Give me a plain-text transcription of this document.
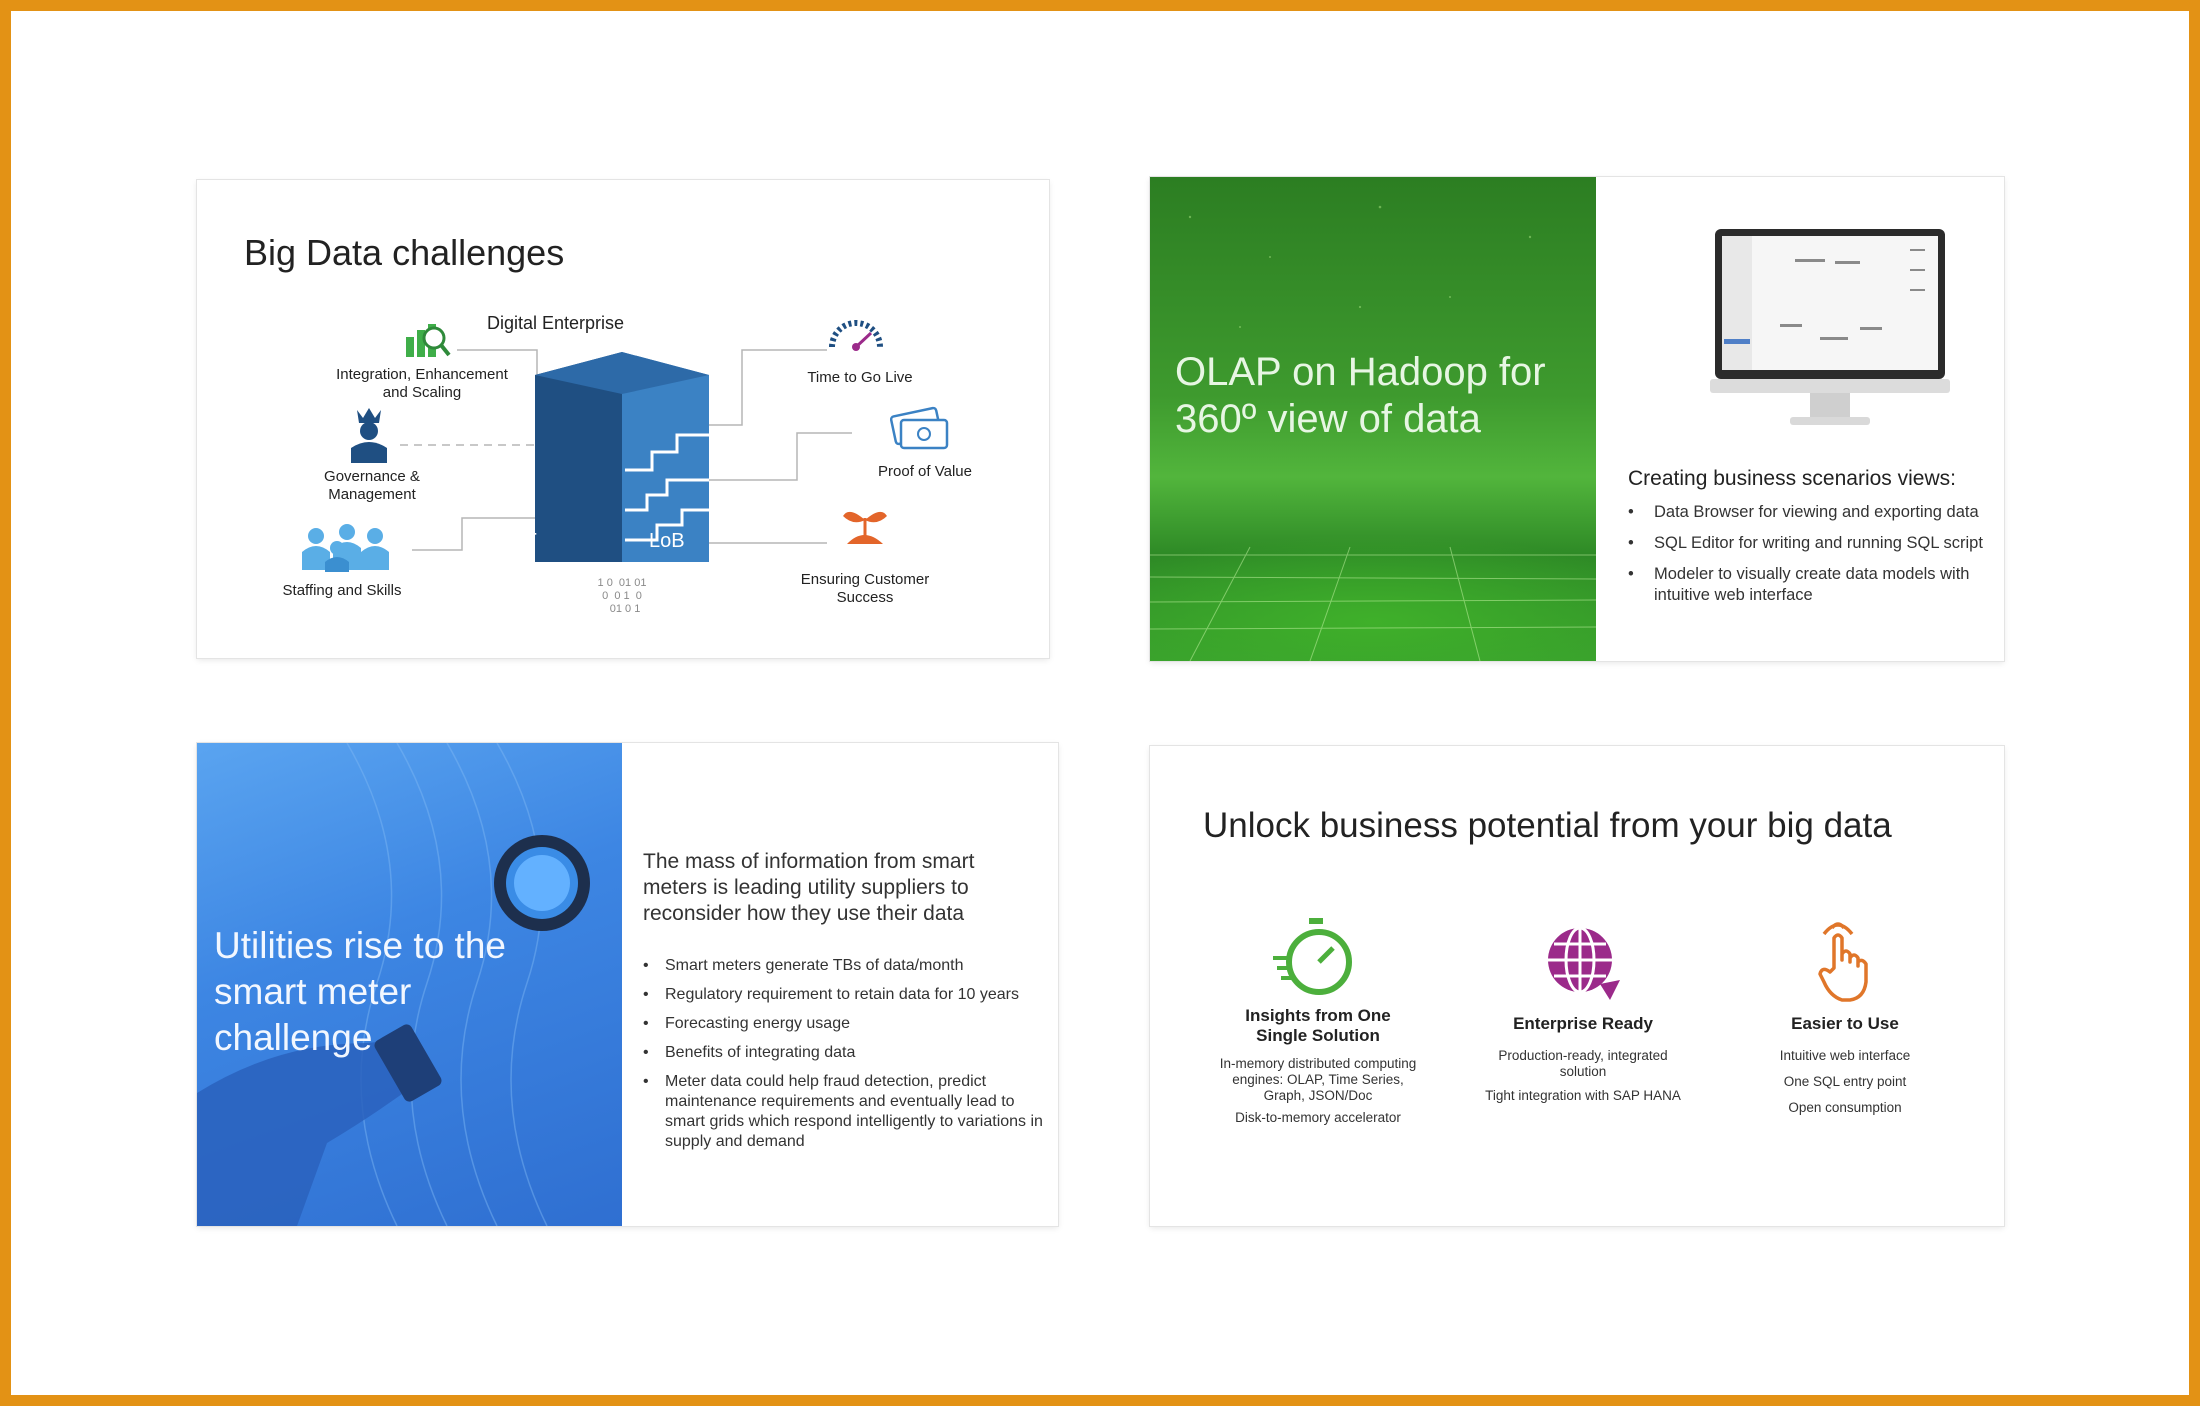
Big Data challenges
Digital Enterprise
IT	LoB
1 0  01 01
0  0 1  0
01 0 1
Integration, Enhancement and Scaling
Governance & Management
Staffing and Skills
Time to Go Live
Proof of Value
Ensuring Customer Success
OLAP on Hadoop for 360º view of data
Creating business scenarios views:
• Data Browser for viewing and exporting data
• SQL Editor for writing and running SQL script
• Modeler to visually create data models with intuitive web interface
Utilities rise to the smart meter challenge
The mass of information from smart meters is leading utility suppliers to reconsider how they use their data
• Smart meters generate TBs of data/month
• Regulatory requirement to retain data for 10 years
• Forecasting energy usage
• Benefits of integrating data
• Meter data could help fraud detection, predict maintenance requirements and eventually lead to smart grids which respond intelligently to variations in supply and demand
Unlock business potential from your big data
Insights from One Single Solution
In-memory distributed computing engines: OLAP, Time Series, Graph, JSON/Doc
Disk-to-memory accelerator
Enterprise Ready
Production-ready, integrated solution
Tight integration with SAP HANA
Easier to Use
Intuitive web interface
One SQL entry point
Open consumption
